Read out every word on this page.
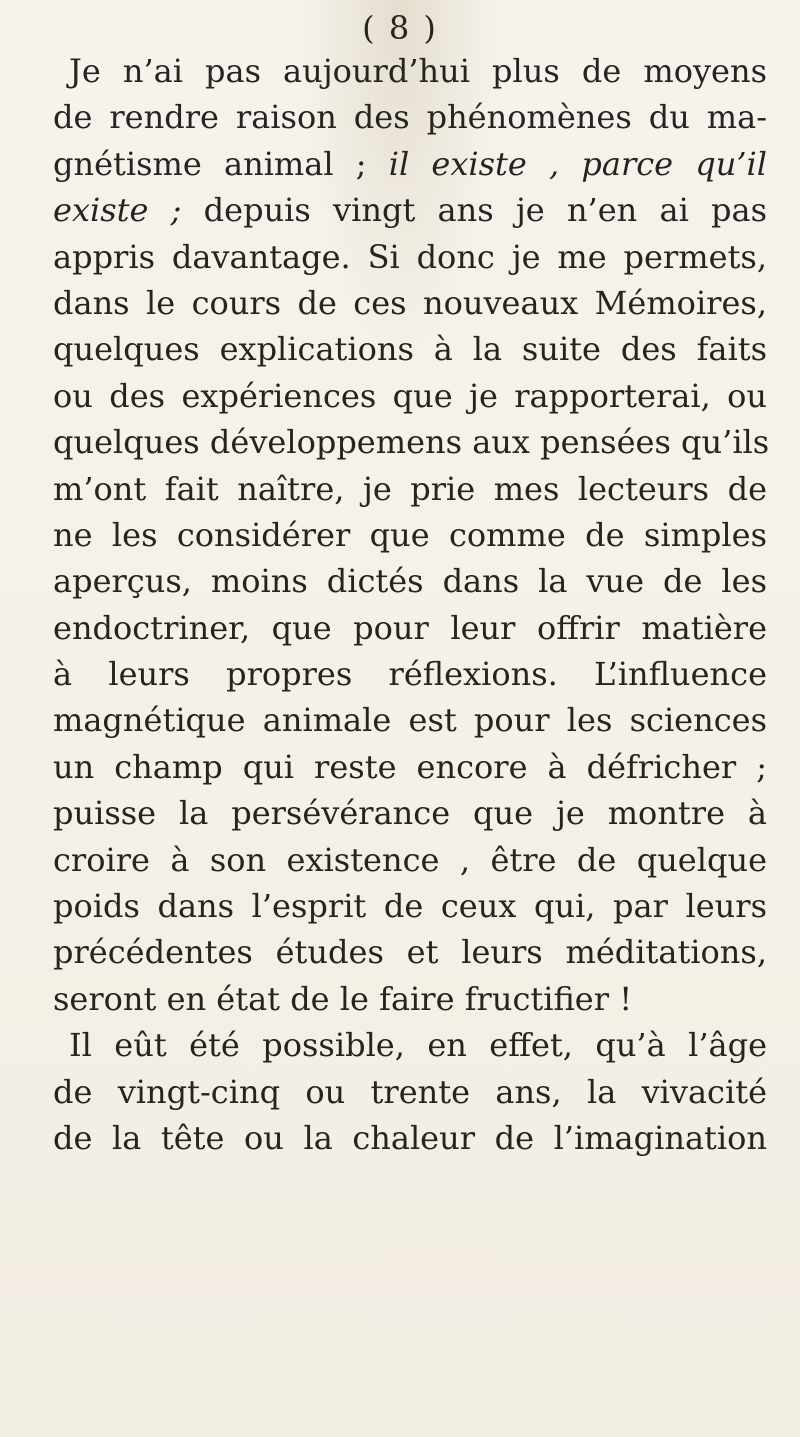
( 8 )
Je n’ai pas aujourd’hui plus de moyens
de rendre raison des phénomènes du ma-
gnétisme animal ; il existe , parce qu’il
existe ; depuis vingt ans je n’en ai pas
appris davantage. Si donc je me permets,
dans le cours de ces nouveaux Mémoires,
quelques explications à la suite des faits
ou des expériences que je rapporterai, ou
quelques développemens aux pensées qu’ils
m’ont fait naître, je prie mes lecteurs de
ne les considérer que comme de simples
aperçus, moins dictés dans la vue de les
endoctriner, que pour leur offrir matière
à leurs propres réflexions. L’influence
magnétique animale est pour les sciences
un champ qui reste encore à défricher ;
puisse la persévérance que je montre à
croire à son existence , être de quelque
poids dans l’esprit de ceux qui, par leurs
précédentes études et leurs méditations,
seront en état de le faire fructifier !
Il eût été possible, en effet, qu’à l’âge
de vingt-cinq ou trente ans, la vivacité
de la tête ou la chaleur de l’imagination
